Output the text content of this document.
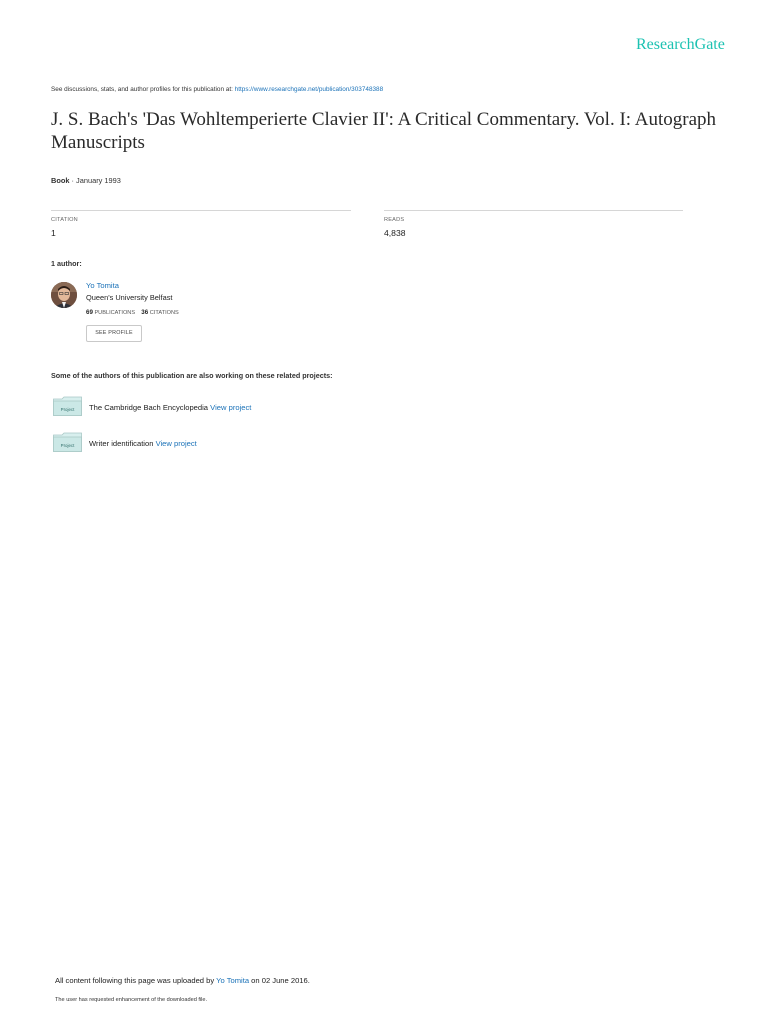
ResearchGate
See discussions, stats, and author profiles for this publication at: https://www.researchgate.net/publication/303748388
J. S. Bach's 'Das Wohltemperierte Clavier II': A Critical Commentary. Vol. I: Autograph Manuscripts
Book · January 1993
CITATION
1
READS
4,838
1 author:
Yo Tomita
Queen's University Belfast
69 PUBLICATIONS 36 CITATIONS
SEE PROFILE
Some of the authors of this publication are also working on these related projects:
Project The Cambridge Bach Encyclopedia View project
Project Writer identification View project
All content following this page was uploaded by Yo Tomita on 02 June 2016.
The user has requested enhancement of the downloaded file.
